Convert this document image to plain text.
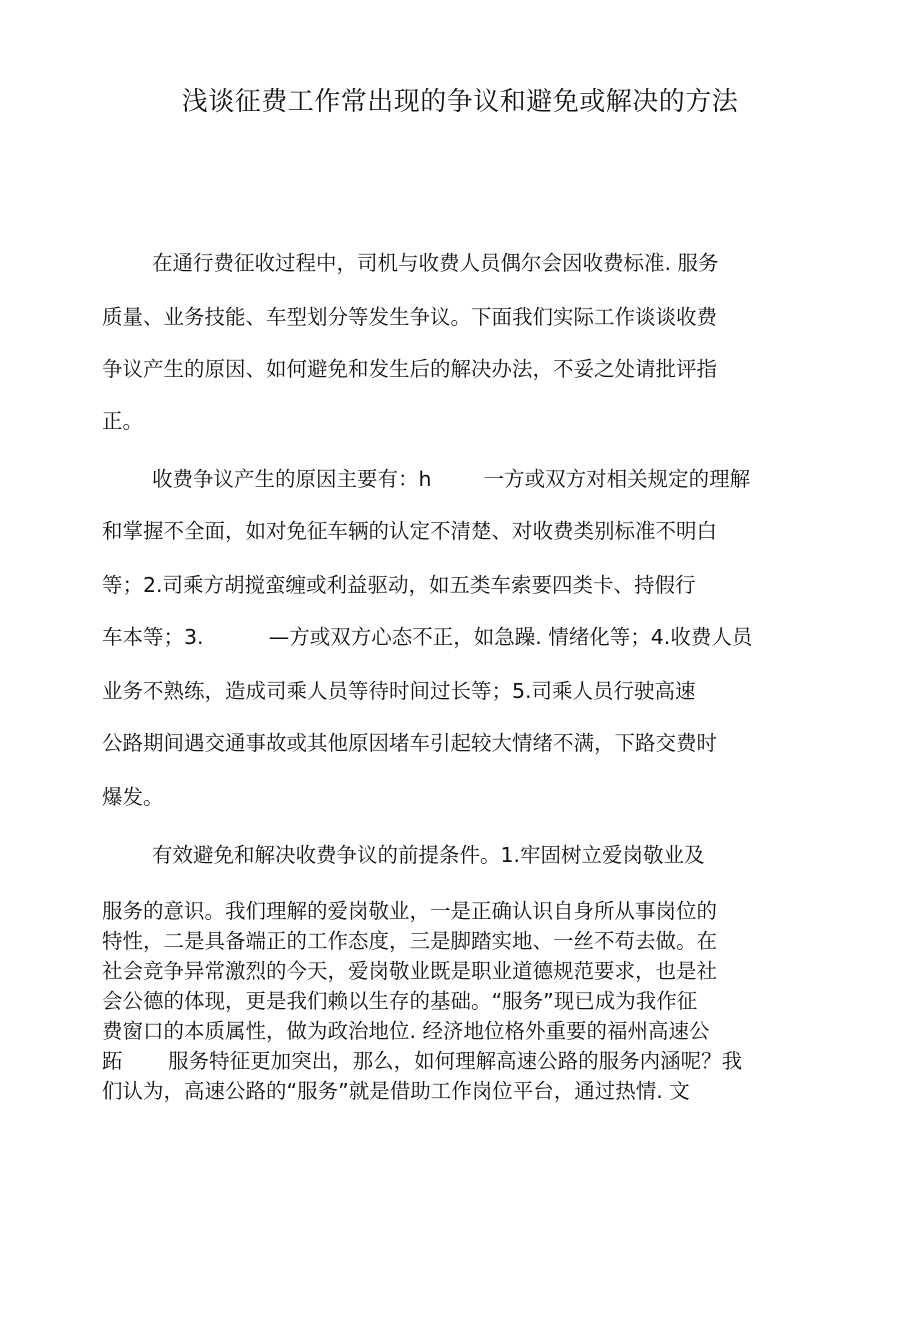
浅谈征费工作常出现的争议和避免或解决的方法
在通行费征收过程中，司机与收费人员偶尔会因收费标准. 服务
质量、业务技能、车型划分等发生争议。下面我们实际工作谈谈收费
争议产生的原因、如何避免和发生后的解决办法，不妥之处请批评指
正。
收费争议产生的原因主要有：h        一方或双方对相关规定的理解
和掌握不全面，如对免征车辆的认定不清楚、对收费类别标准不明白
等；2.司乘方胡搅蛮缠或利益驱动，如五类车索要四类卡、持假行
车本等；3.          —方或双方心态不正，如急躁. 情绪化等；4.收费人员
业务不熟练，造成司乘人员等待时间过长等；5.司乘人员行驶高速
公路期间遇交通事故或其他原因堵车引起较大情绪不满，下路交费时
爆发。
有效避免和解决收费争议的前提条件。1.牢固树立爱岗敬业及
服务的意识。我们理解的爱岗敬业，一是正确认识自身所从事岗位的
特性，二是具备端正的工作态度，三是脚踏实地、一丝不苟去做。在
社会竞争异常激烈的今天，爱岗敬业既是职业道德规范要求，也是社
会公德的体现，更是我们赖以生存的基础。“服务”现已成为我作征
费窗口的本质属性，做为政治地位. 经济地位格外重要的福州高速公
跖       服务特征更加突出，那么，如何理解高速公路的服务内涵呢？我
们认为，高速公路的“服务”就是借助工作岗位平台，通过热情. 文
